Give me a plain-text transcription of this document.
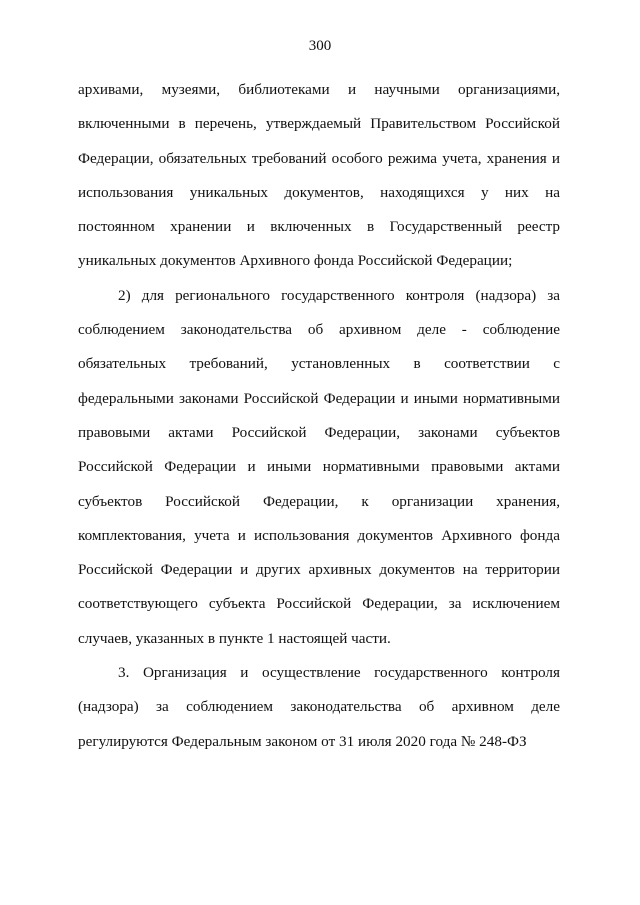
300

архивами, музеями, библиотеками и научными организациями, включенными в перечень, утверждаемый Правительством Российской Федерации, обязательных требований особого режима учета, хранения и использования уникальных документов, находящихся у них на постоянном хранении и включенных в Государственный реестр уникальных документов Архивного фонда Российской Федерации;

2) для регионального государственного контроля (надзора) за соблюдением законодательства об архивном деле - соблюдение обязательных требований, установленных в соответствии с федеральными законами Российской Федерации и иными нормативными правовыми актами Российской Федерации, законами субъектов Российской Федерации и иными нормативными правовыми актами субъектов Российской Федерации, к организации хранения, комплектования, учета и использования документов Архивного фонда Российской Федерации и других архивных документов на территории соответствующего субъекта Российской Федерации, за исключением случаев, указанных в пункте 1 настоящей части.

3. Организация и осуществление государственного контроля (надзора) за соблюдением законодательства об архивном деле регулируются Федеральным законом от 31 июля 2020 года № 248-ФЗ
